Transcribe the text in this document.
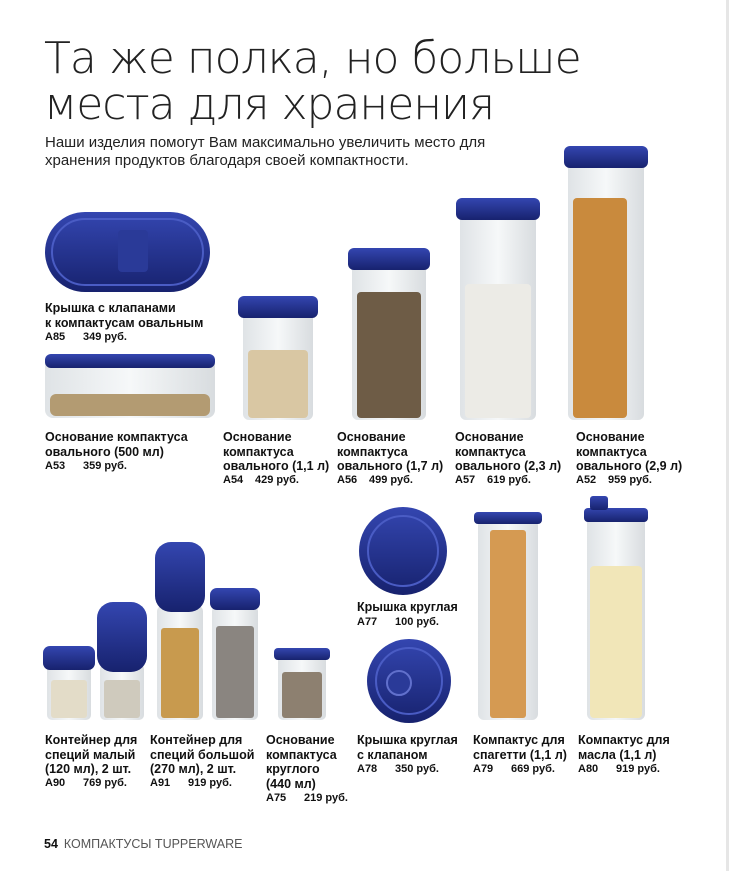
Та же полка, но больше
места для хранения
Наши изделия помогут Вам максимально увеличить место для хранения продуктов благодаря своей компактности.
Крышка с клапанами
к компактусам овальным
A85 349 руб.
Основание компактуса
овального (500 мл)
A53 359 руб.
Основание
компактуса
овального (1,1 л)
A54 429 руб.
Основание
компактуса
овального (1,7 л)
A56 499 руб.
Основание
компактуса
овального (2,3 л)
A57 619 руб.
Основание
компактуса
овального (2,9 л)
A52 959 руб.
Крышка круглая
A77 100 руб.
Контейнер для
специй малый
(120 мл), 2 шт.
A90 769 руб.
Контейнер для
специй большой
(270 мл), 2 шт.
A91 919 руб.
Основание
компактуса
круглого
(440 мл)
A75 219 руб.
Крышка круглая
с клапаном
A78 350 руб.
Компактус для
спагетти (1,1 л)
A79 669 руб.
Компактус для
масла (1,1 л)
A80 919 руб.
54 КОМПАКТУСЫ TUPPERWARE
